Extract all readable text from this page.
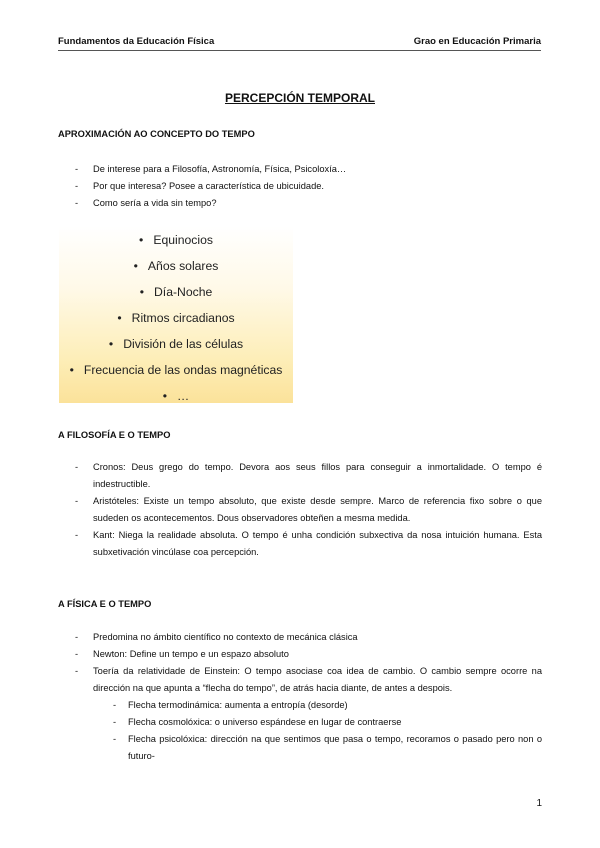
Fundamentos da Educación Física	Grao en Educación Primaria
PERCEPCIÓN TEMPORAL
APROXIMACIÓN AO CONCEPTO DO TEMPO
- De interese para a Filosofía, Astronomía, Física, Psicoloxía…
- Por que interesa? Posee a característica de ubicuidade.
- Como sería a vida sin tempo?
• Equinocios
• Años solares
• Día-Noche
• Ritmos circadianos
• División de las células
• Frecuencia de las ondas magnéticas
• …
A FILOSOFÍA E O TEMPO
- Cronos: Deus grego do tempo. Devora aos seus fillos para conseguir a inmortalidade. O tempo é indestructible.
- Aristóteles: Existe un tempo absoluto, que existe desde sempre. Marco de referencia fixo sobre o que sudeden os acontecementos. Dous observadores obteñen a mesma medida.
- Kant: Niega la realidade absoluta. O tempo é unha condición subxectiva da nosa intuición humana. Esta subxetivación vincúlase coa percepción.
A FÍSICA E O TEMPO
- Predomina no ámbito científico no contexto de mecánica clásica
- Newton: Define un tempo e un espazo absoluto
- Toería da relatividade de Einstein: O tempo asociase coa idea de cambio. O cambio sempre ocorre na dirección na que apunta a “flecha do tempo”, de atrás hacia diante, de antes a despois.
- Flecha termodinámica: aumenta a entropía (desorde)
- Flecha cosmolóxica: o universo espándese en lugar de contraerse
- Flecha psicolóxica: dirección na que sentimos que pasa o tempo, recoramos o pasado pero non o futuro-
1
